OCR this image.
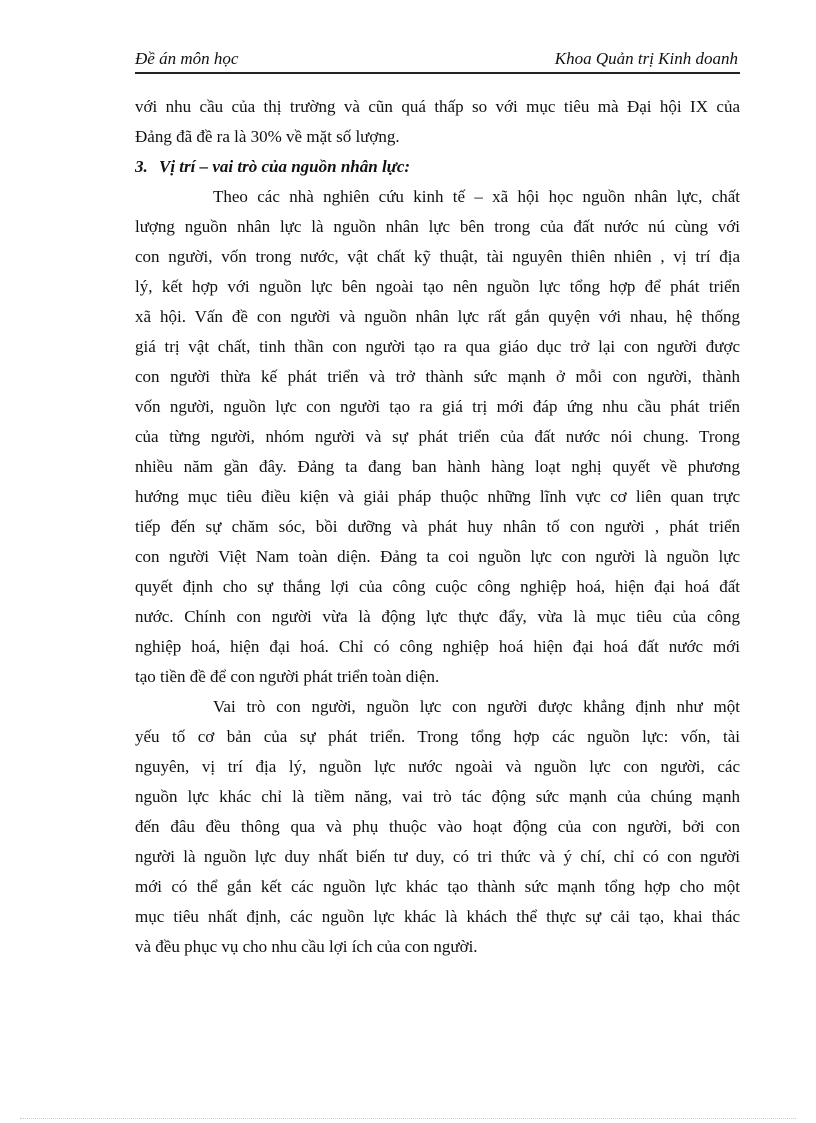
Đề án môn học	Khoa Quản trị Kinh doanh
với nhu cầu của thị trường và cũn quá thấp so với mục tiêu mà Đại hội IX của
Đảng đã đề ra là 30% về mặt số lượng.
3. Vị trí – vai trò của nguồn nhân lực:
Theo các nhà nghiên cứu kinh tế – xã hội học nguồn nhân lực, chất
lượng nguồn nhân lực là nguồn nhân lực bên trong của đất nước nú cùng với
con người, vốn trong nước, vật chất kỹ thuật, tài nguyên thiên nhiên , vị trí địa
lý, kết hợp với nguồn lực bên ngoài tạo nên nguồn lực tổng hợp để phát triển
xã hội. Vấn đề con người và nguồn nhân lực rất gắn quyện với nhau, hệ thống
giá trị vật chất, tinh thần con người tạo ra qua giáo dục trở lại con người được
con người thừa kế phát triển và trở thành sức mạnh ở mỗi con người, thành
vốn người, nguồn lực con người tạo ra giá trị mới đáp ứng nhu cầu phát triển
của từng người, nhóm người và sự phát triển của đất nước nói chung. Trong
nhiều năm gần đây. Đảng ta đang ban hành hàng loạt nghị quyết về phương
hướng mục tiêu điều kiện và giải pháp thuộc những lĩnh vực cơ liên quan trực
tiếp đến sự chăm sóc, bồi dưỡng và phát huy nhân tố con người , phát triển
con người Việt Nam toàn diện. Đảng ta coi nguồn lực con người là nguồn lực
quyết định cho sự thắng lợi của công cuộc công nghiệp hoá, hiện đại hoá đất
nước. Chính con người vừa là động lực thực đẩy, vừa là mục tiêu của công
nghiệp hoá, hiện đại hoá. Chỉ có công nghiệp hoá hiện đại hoá đất nước mới
tạo tiền đề để con người phát triển toàn diện.
Vai trò con người, nguồn lực con người được khẳng định như một
yếu tố cơ bản của sự phát triển. Trong tổng hợp các nguồn lực: vốn, tài
nguyên, vị trí địa lý, nguồn lực nước ngoài và nguồn lực con người, các
nguồn lực khác chỉ là tiềm năng, vai trò tác động sức mạnh của chúng mạnh
đến đâu đều thông qua và phụ thuộc vào hoạt động của con người, bởi con
người là nguồn lực duy nhất biến tư duy, có tri thức và ý chí, chỉ có con người
mới có thể gắn kết các nguồn lực khác tạo thành sức mạnh tổng hợp cho một
mục tiêu nhất định, các nguồn lực khác là khách thể thực sự cải tạo, khai thác
và đều phục vụ cho nhu cầu lợi ích của con người.
